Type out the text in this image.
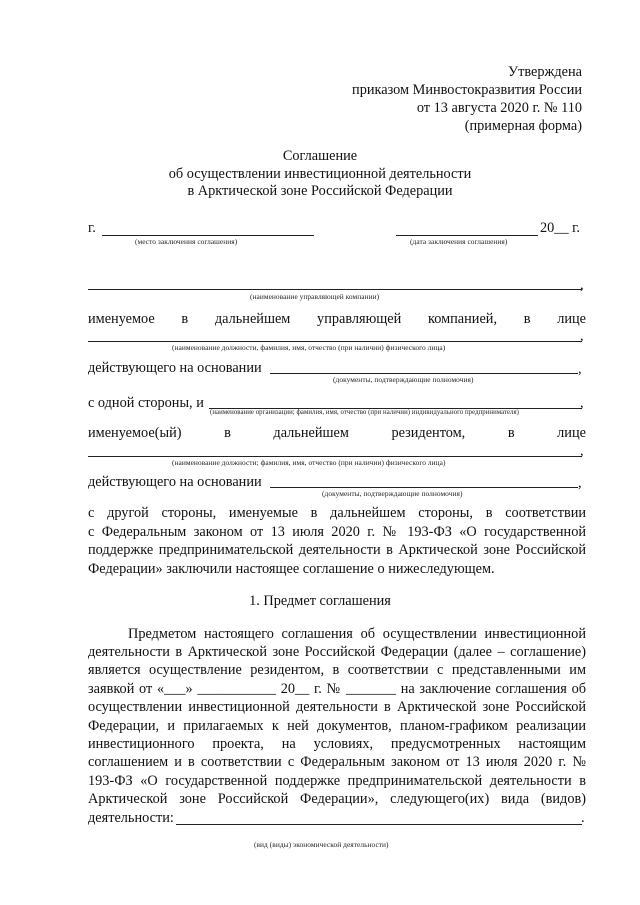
Утверждена
приказом Минвостокразвития России
от 13 августа 2020 г. № 110
(примерная форма)
Соглашение
об осуществлении инвестиционной деятельности
в Арктической зоне Российской Федерации
г.
(место заключения соглашения)
20__ г.
(дата заключения соглашения)
,
(наименование управляющей компании)
именуемое в дальнейшем управляющей компанией, в лице
,
(наименование должности, фамилия, имя, отчество (при наличии) физического лица)
действующего на основании	,
(документы, подтверждающие полномочия)
с одной стороны, и	,
(наименование организации; фамилия, имя, отчество (при наличии) индивидуального предпринимателя)
именуемое(ый)	в	дальнейшем	резидентом,	в	лице
,
(наименование должности; фамилия, имя, отчество (при наличии) физического лица)
действующего на основании	,
(документы, подтверждающие полномочия)
с другой стороны, именуемые в дальнейшем стороны, в соответствии
с Федеральным законом от 13 июля 2020 г. № 193-ФЗ «О государственной
поддержке предпринимательской деятельности в Арктической зоне Российской
Федерации» заключили настоящее соглашение о нижеследующем.
1. Предмет соглашения
Предметом настоящего соглашения об осуществлении инвестиционной
деятельности в Арктической зоне Российской Федерации (далее – соглашение)
является осуществление резидентом, в соответствии с представленными им
заявкой от «___» ___________ 20__ г. № _______ на заключение соглашения об
осуществлении инвестиционной деятельности в Арктической зоне Российской
Федерации, и прилагаемых к ней документов, планом-графиком реализации
инвестиционного проекта, на условиях, предусмотренных настоящим
соглашением и в соответствии с Федеральным законом от 13 июля 2020 г. №
193-ФЗ «О государственной поддержке предпринимательской деятельности в
Арктической зоне Российской Федерации», следующего(их) вида (видов)
деятельности:	.
(вид (виды) экономической деятельности)
